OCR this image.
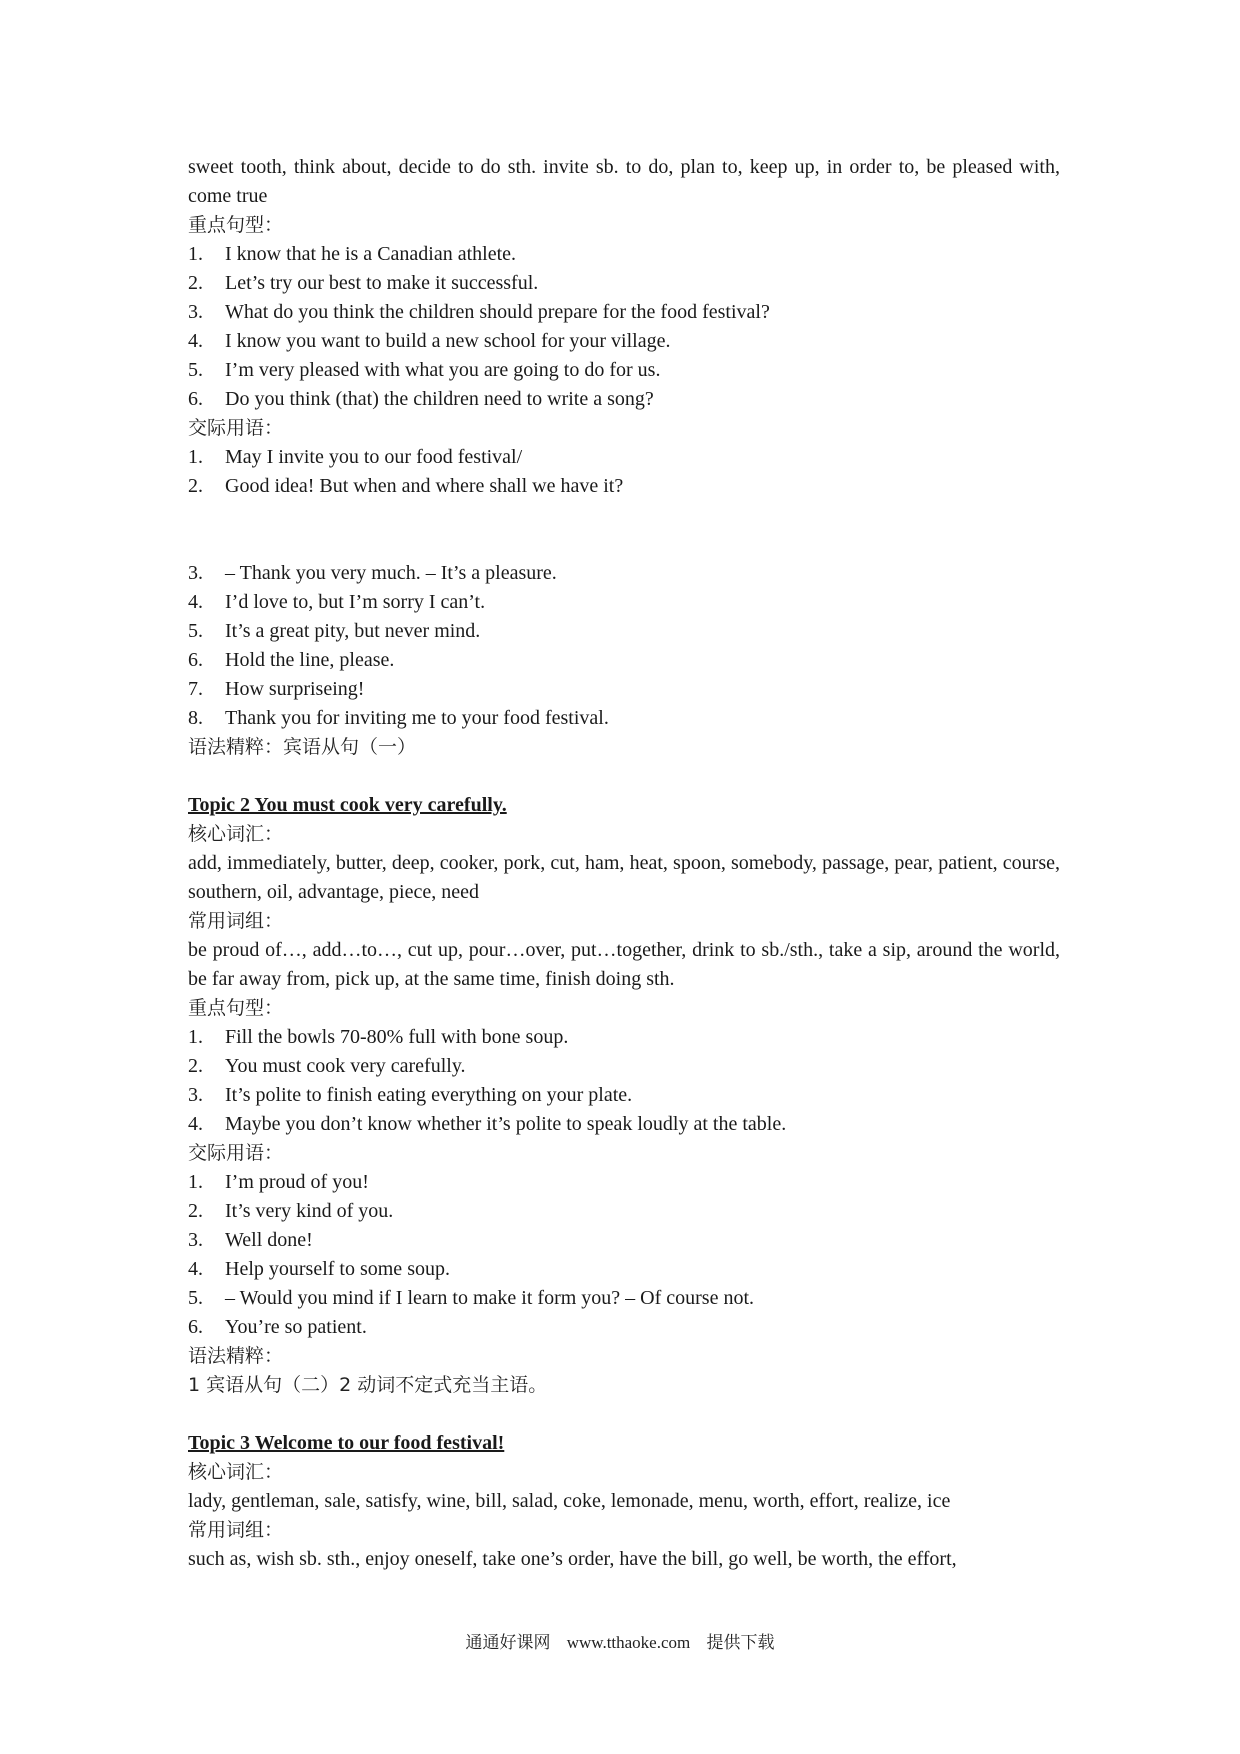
sweet tooth, think about, decide to do sth. invite sb. to do, plan to, keep up, in order to, be pleased with, come true

重点句型：

1.	I know that he is a Canadian athlete.
2.	Let’s try our best to make it successful.
3.	What do you think the children should prepare for the food festival?
4.	I know you want to build a new school for your village.
5.	I’m very pleased with what you are going to do for us.
6.	Do you think (that) the children need to write a song?

交际用语：

1.	May I invite you to our food festival/
2.	Good idea! But when and where shall we have it?
3.	– Thank you very much. – It’s a pleasure.
4.	I’d love to, but I’m sorry I can’t.
5.	It’s a great pity, but never mind.
6.	Hold the line, please.
7.	How surpriseing!
8.	Thank you for inviting me to your food festival.

语法精粹：宾语从句（一）

Topic 2 You must cook very carefully.

核心词汇：

add, immediately, butter, deep, cooker, pork, cut, ham, heat, spoon, somebody, passage, pear, patient, course, southern, oil, advantage, piece, need

常用词组：

be proud of…, add…to…, cut up, pour…over, put…together, drink to sb./sth., take a sip, around the world, be far away from, pick up, at the same time, finish doing sth.

重点句型：

1.	Fill the bowls 70-80% full with bone soup.
2.	You must cook very carefully.
3.	It’s polite to finish eating everything on your plate.
4.	Maybe you don’t know whether it’s polite to speak loudly at the table.

交际用语：

1.	I’m proud of you!
2.	It’s very kind of you.
3.	Well done!
4.	Help yourself to some soup.
5.	– Would you mind if I learn to make it form you? – Of course not.
6.	You’re so patient.

语法精粹：

1 宾语从句（二）2 动词不定式充当主语。

Topic 3 Welcome to our food festival!

核心词汇：

lady, gentleman, sale, satisfy, wine, bill, salad, coke, lemonade, menu, worth, effort, realize, ice

常用词组：

such as, wish sb. sth., enjoy oneself, take one’s order, have the bill, go well, be worth, the effort,

通通好课网 www.tthaoke.com 提供下载
